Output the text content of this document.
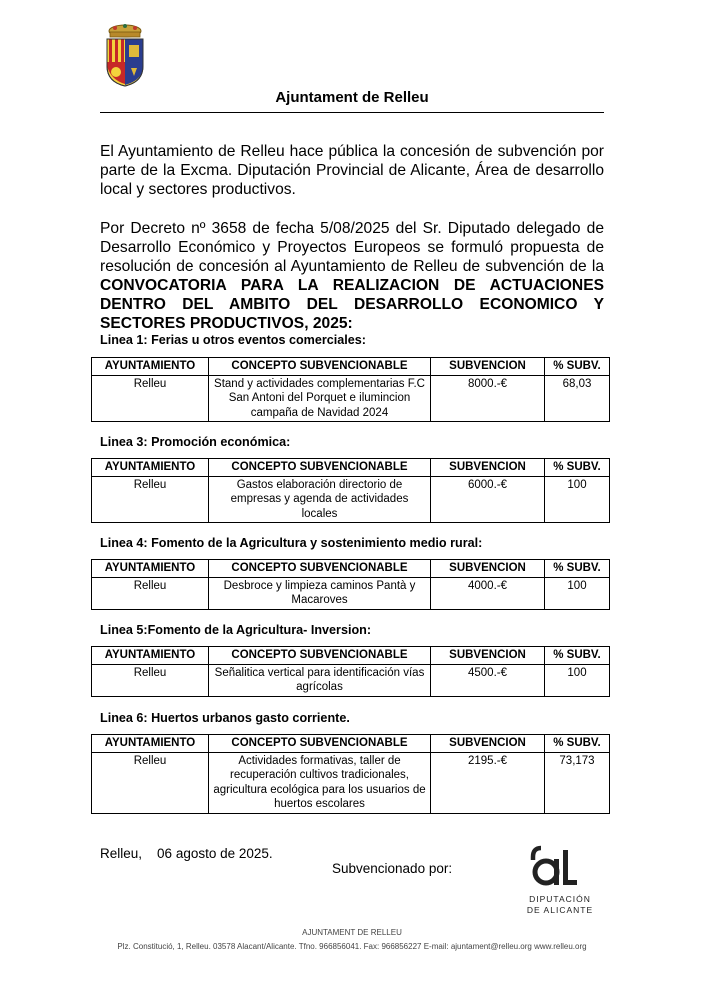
Ajuntament de Relleu
El Ayuntamiento de Relleu hace pública la concesión de subvención por parte de la Excma. Diputación Provincial de Alicante, Área de desarrollo local y sectores productivos.
Por Decreto nº 3658 de fecha 5/08/2025 del Sr. Diputado delegado de Desarrollo Económico y Proyectos Europeos se formuló propuesta de resolución de concesión al Ayuntamiento de Relleu de subvención de la CONVOCATORIA PARA LA REALIZACION DE ACTUACIONES DENTRO DEL AMBITO DEL DESARROLLO ECONOMICO Y SECTORES PRODUCTIVOS, 2025:
Linea 1: Ferias u otros eventos comerciales:
AYUNTAMIENTO	CONCEPTO SUBVENCIONABLE	SUBVENCION	% SUBV.
Relleu	Stand y actividades complementarias F.C San Antoni del Porquet e ilumincion campaña de Navidad 2024	8000.-€	68,03
Linea 3: Promoción económica:
AYUNTAMIENTO	CONCEPTO SUBVENCIONABLE	SUBVENCION	% SUBV.
Relleu	Gastos elaboración directorio de empresas y agenda de actividades locales	6000.-€	100
Linea 4: Fomento de la Agricultura y sostenimiento medio rural:
AYUNTAMIENTO	CONCEPTO SUBVENCIONABLE	SUBVENCION	% SUBV.
Relleu	Desbroce y limpieza caminos Pantà y Macaroves	4000.-€	100
Linea 5:Fomento de la Agricultura- Inversion:
AYUNTAMIENTO	CONCEPTO SUBVENCIONABLE	SUBVENCION	% SUBV.
Relleu	Señalitica vertical para identificación vías agrícolas	4500.-€	100
Linea 6: Huertos urbanos gasto corriente.
AYUNTAMIENTO	CONCEPTO SUBVENCIONABLE	SUBVENCION	% SUBV.
Relleu	Actividades formativas, taller de recuperación cultivos tradicionales, agricultura ecológica para los usuarios de huertos escolares	2195.-€	73,173
Relleu, 06 agosto de 2025.
Subvencionado por:
DIPUTACIÓN
DE ALICANTE
AJUNTAMENT DE RELLEU
Plz. Constitució, 1, Relleu. 03578 Alacant/Alicante. Tfno. 966856041. Fax: 966856227 E-mail: ajuntament@relleu.org www.relleu.org
